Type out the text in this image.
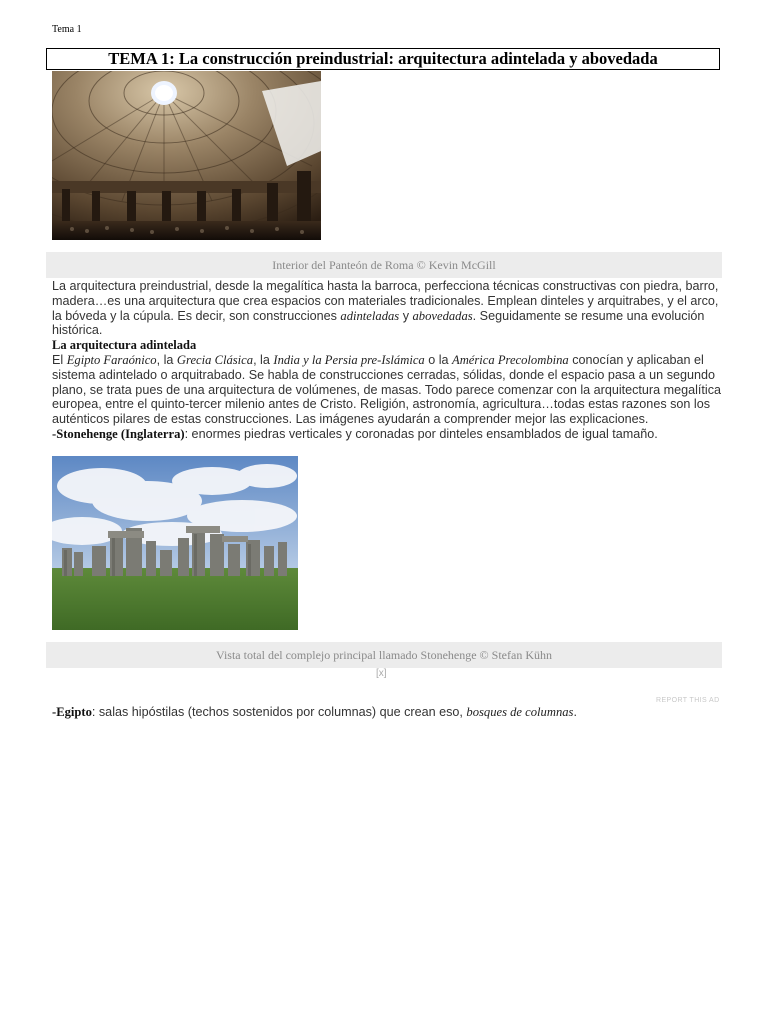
Tema 1
TEMA 1: La construcción preindustrial: arquitectura adintelada y abovedada
Interior del Panteón de Roma © Kevin McGill

La arquitectura preindustrial, desde la megalítica hasta la barroca, perfecciona técnicas constructivas con piedra, barro, madera…es una arquitectura que crea espacios con materiales tradicionales. Emplean dinteles y arquitrabes, y el arco, la bóveda y la cúpula. Es decir, son construcciones adinteladas y abovedadas. Seguidamente se resume una evolución histórica.

La arquitectura adintelada

El Egipto Faraónico, la Grecia Clásica, la India y la Persia pre-Islámica o la América Precolombina conocían y aplicaban el sistema adintelado o arquitrabado. Se habla de construcciones cerradas, sólidas, donde el espacio pasa a un segundo plano, se trata pues de una arquitectura de volúmenes, de masas. Todo parece comenzar con la arquitectura megalítica europea, entre el quinto-tercer milenio antes de Cristo. Religión, astronomía, agricultura…todas estas razones son los auténticos pilares de estas construcciones. Las imágenes ayudarán a comprender mejor las explicaciones.

-Stonehenge (Inglaterra): enormes piedras verticales y coronadas por dinteles ensamblados de igual tamaño.

Vista total del complejo principal llamado Stonehenge © Stefan Kühn
[x]
REPORT THIS AD

-Egipto: salas hipóstilas (techos sostenidos por columnas) que crean eso, bosques de columnas.
